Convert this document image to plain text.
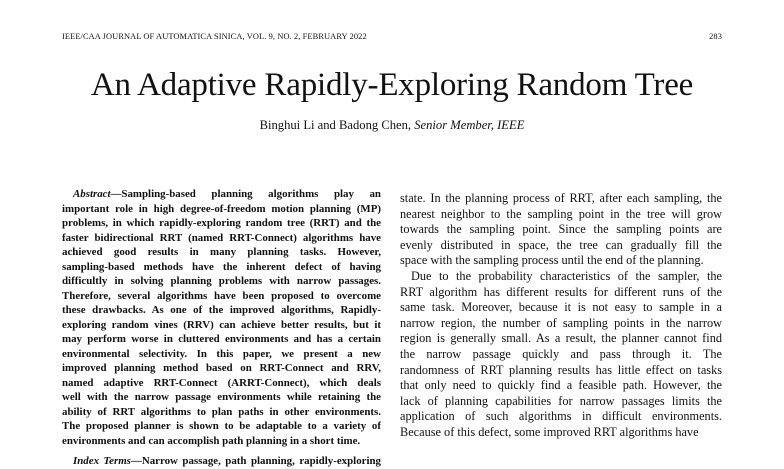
IEEE/CAA JOURNAL OF AUTOMATICA SINICA, VOL. 9, NO. 2, FEBRUARY 2022	283
An Adaptive Rapidly-Exploring Random Tree
Binghui Li and Badong Chen, Senior Member, IEEE
Abstract—Sampling-based planning algorithms play an
important role in high degree-of-freedom motion planning (MP)
problems, in which rapidly-exploring random tree (RRT) and the
faster bidirectional RRT (named RRT-Connect) algorithms have
achieved good results in many planning tasks. However,
sampling-based methods have the inherent defect of having
difficultly in solving planning problems with narrow passages.
Therefore, several algorithms have been proposed to overcome
these drawbacks. As one of the improved algorithms, Rapidly-
exploring random vines (RRV) can achieve better results, but it
may perform worse in cluttered environments and has a certain
environmental selectivity. In this paper, we present a new
improved planning method based on RRT-Connect and RRV,
named adaptive RRT-Connect (ARRT-Connect), which deals
well with the narrow passage environments while retaining the
ability of RRT algorithms to plan paths in other environments.
The proposed planner is shown to be adaptable to a variety of
environments and can accomplish path planning in a short time.
Index Terms—Narrow passage, path planning, rapidly-exploring
state. In the planning process of RRT, after each sampling, the
nearest neighbor to the sampling point in the tree will grow
towards the sampling point. Since the sampling points are
evenly distributed in space, the tree can gradually fill the
space with the sampling process until the end of the planning.
Due to the probability characteristics of the sampler, the
RRT algorithm has different results for different runs of the
same task. Moreover, because it is not easy to sample in a
narrow region, the number of sampling points in the narrow
region is generally small. As a result, the planner cannot find
the narrow passage quickly and pass through it. The
randomness of RRT planning results has little effect on tasks
that only need to quickly find a feasible path. However, the
lack of planning capabilities for narrow passages limits the
application of such algorithms in difficult environments.
Because of this defect, some improved RRT algorithms have
